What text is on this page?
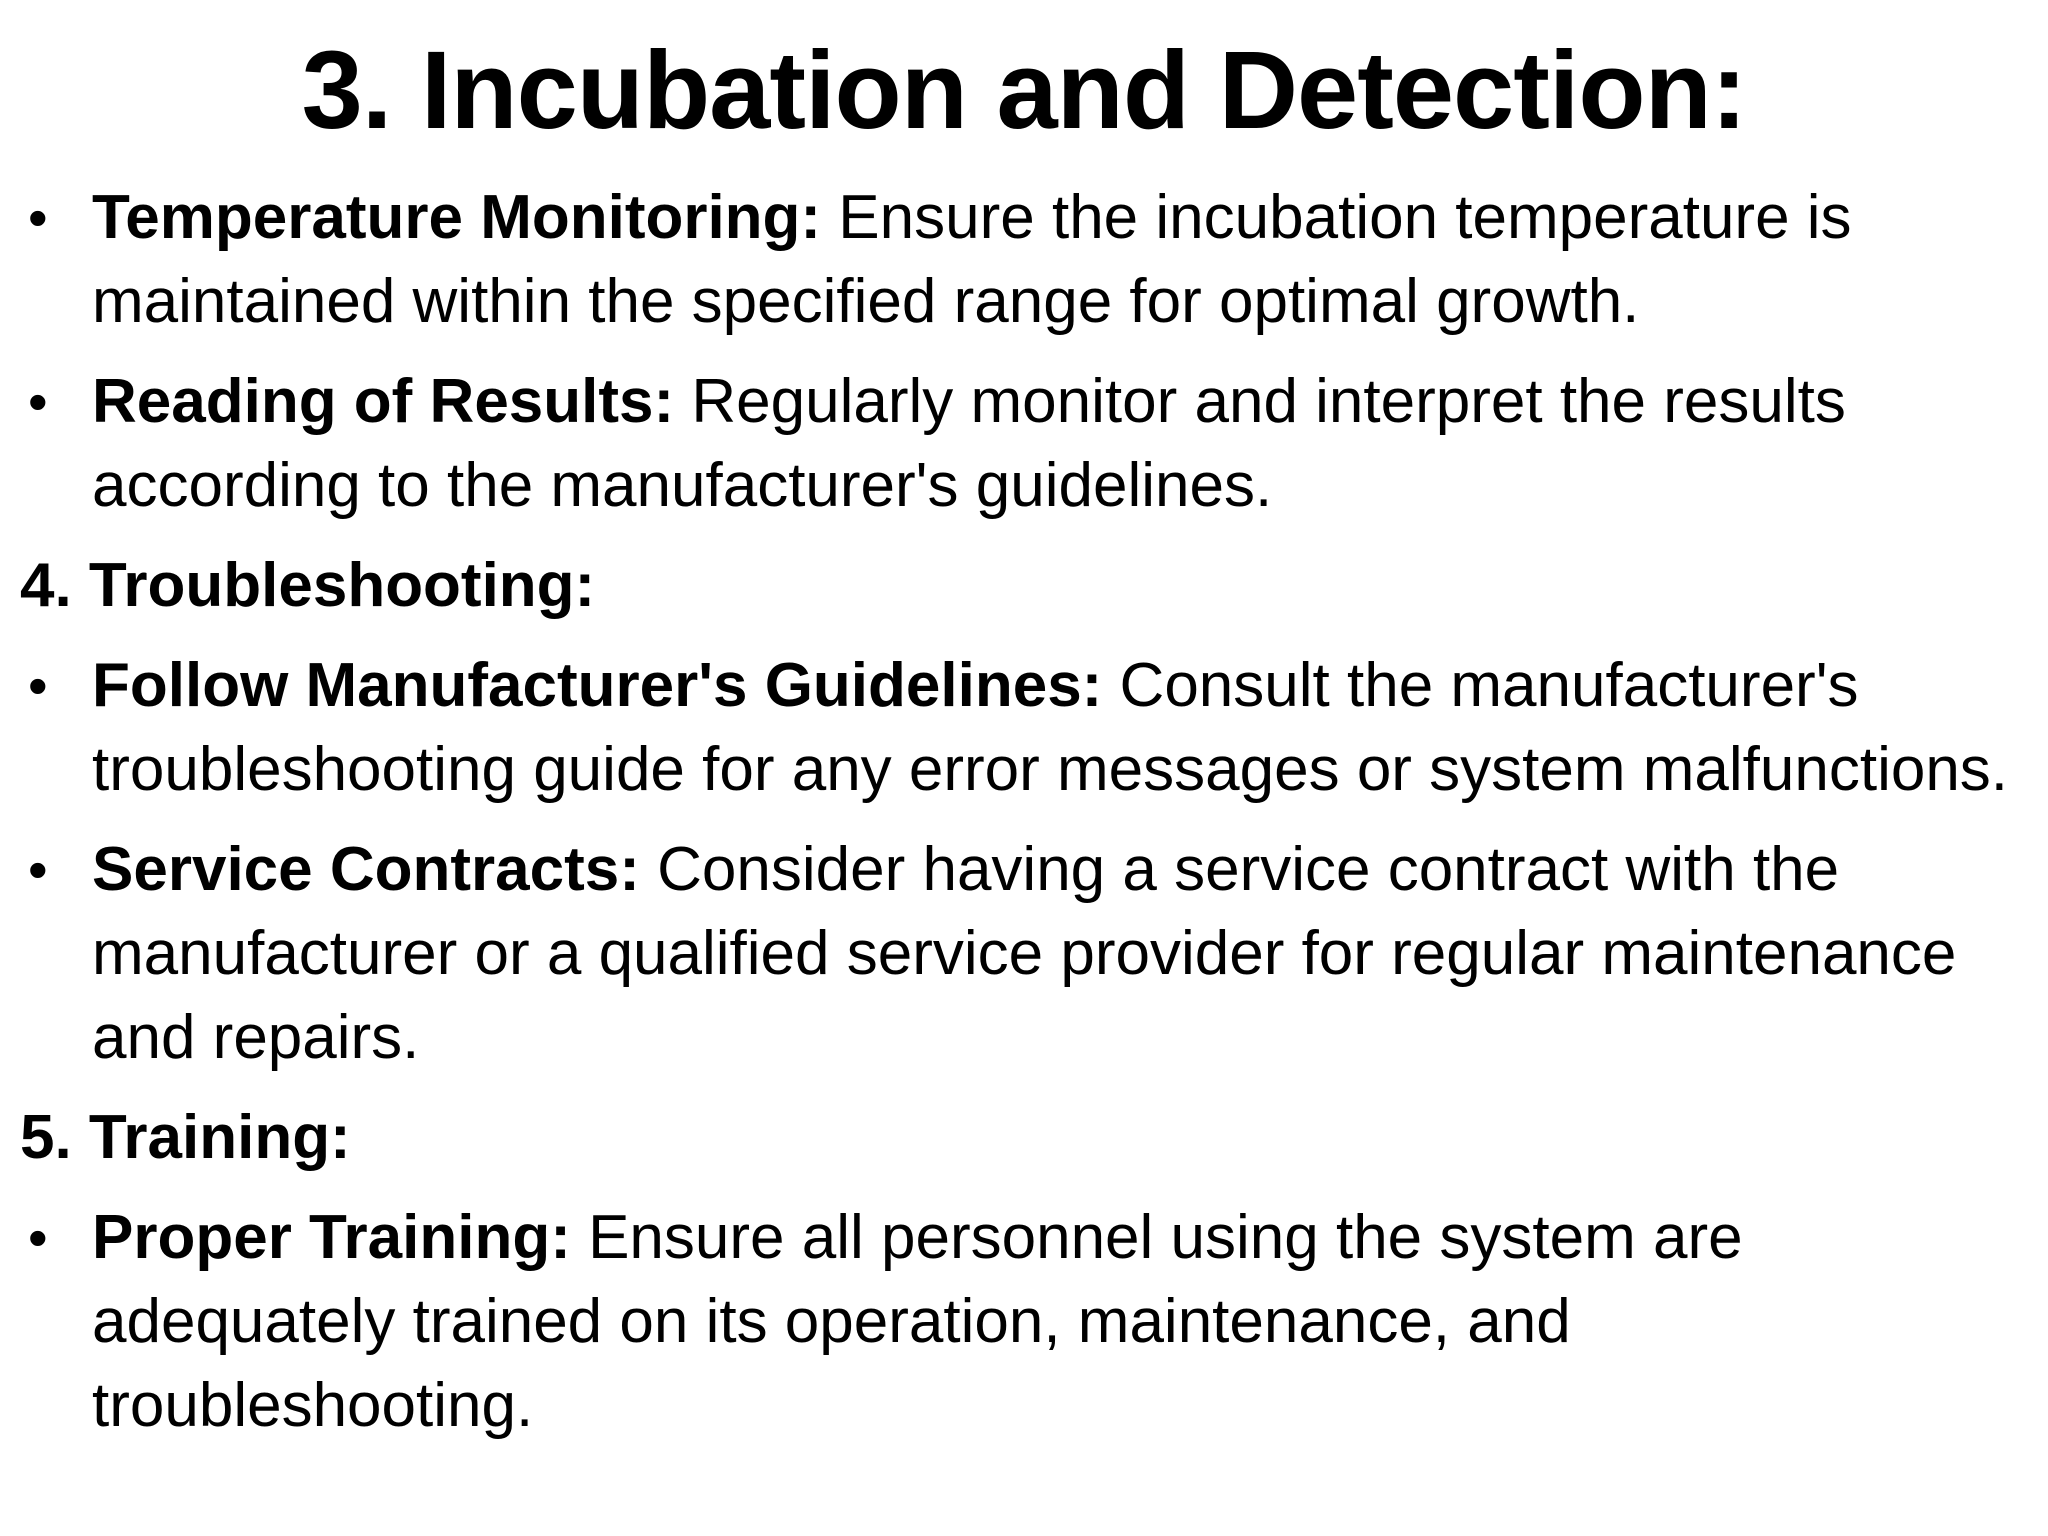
3. Incubation and Detection:
• Temperature Monitoring: Ensure the incubation temperature is maintained within the specified range for optimal growth.
• Reading of Results: Regularly monitor and interpret the results according to the manufacturer's guidelines.
4. Troubleshooting:
• Follow Manufacturer's Guidelines: Consult the manufacturer's troubleshooting guide for any error messages or system malfunctions.
• Service Contracts: Consider having a service contract with the manufacturer or a qualified service provider for regular maintenance and repairs.
5. Training:
• Proper Training: Ensure all personnel using the system are adequately trained on its operation, maintenance, and troubleshooting.
